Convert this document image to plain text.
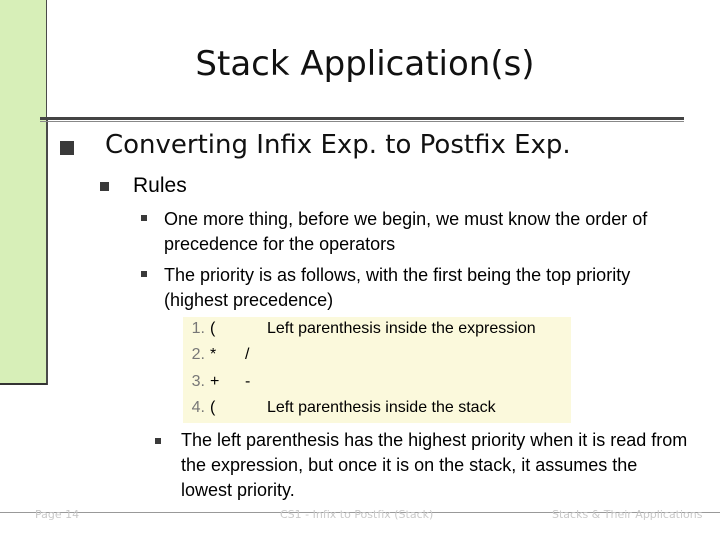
Stack Application(s)
Converting Infix Exp. to Postfix Exp.
Rules
One more thing, before we begin, we must know the order of precedence for the operators
The priority is as follows, with the first being the top priority (highest precedence)
1. (	Left parenthesis inside the expression
2. * /
3. + -
4. (	Left parenthesis inside the stack
The left parenthesis has the highest priority when it is read from the expression, but once it is on the stack, it assumes the lowest priority.
Page 14	CS1 - Infix to Postfix (Stack)	Stacks & Their Applications
